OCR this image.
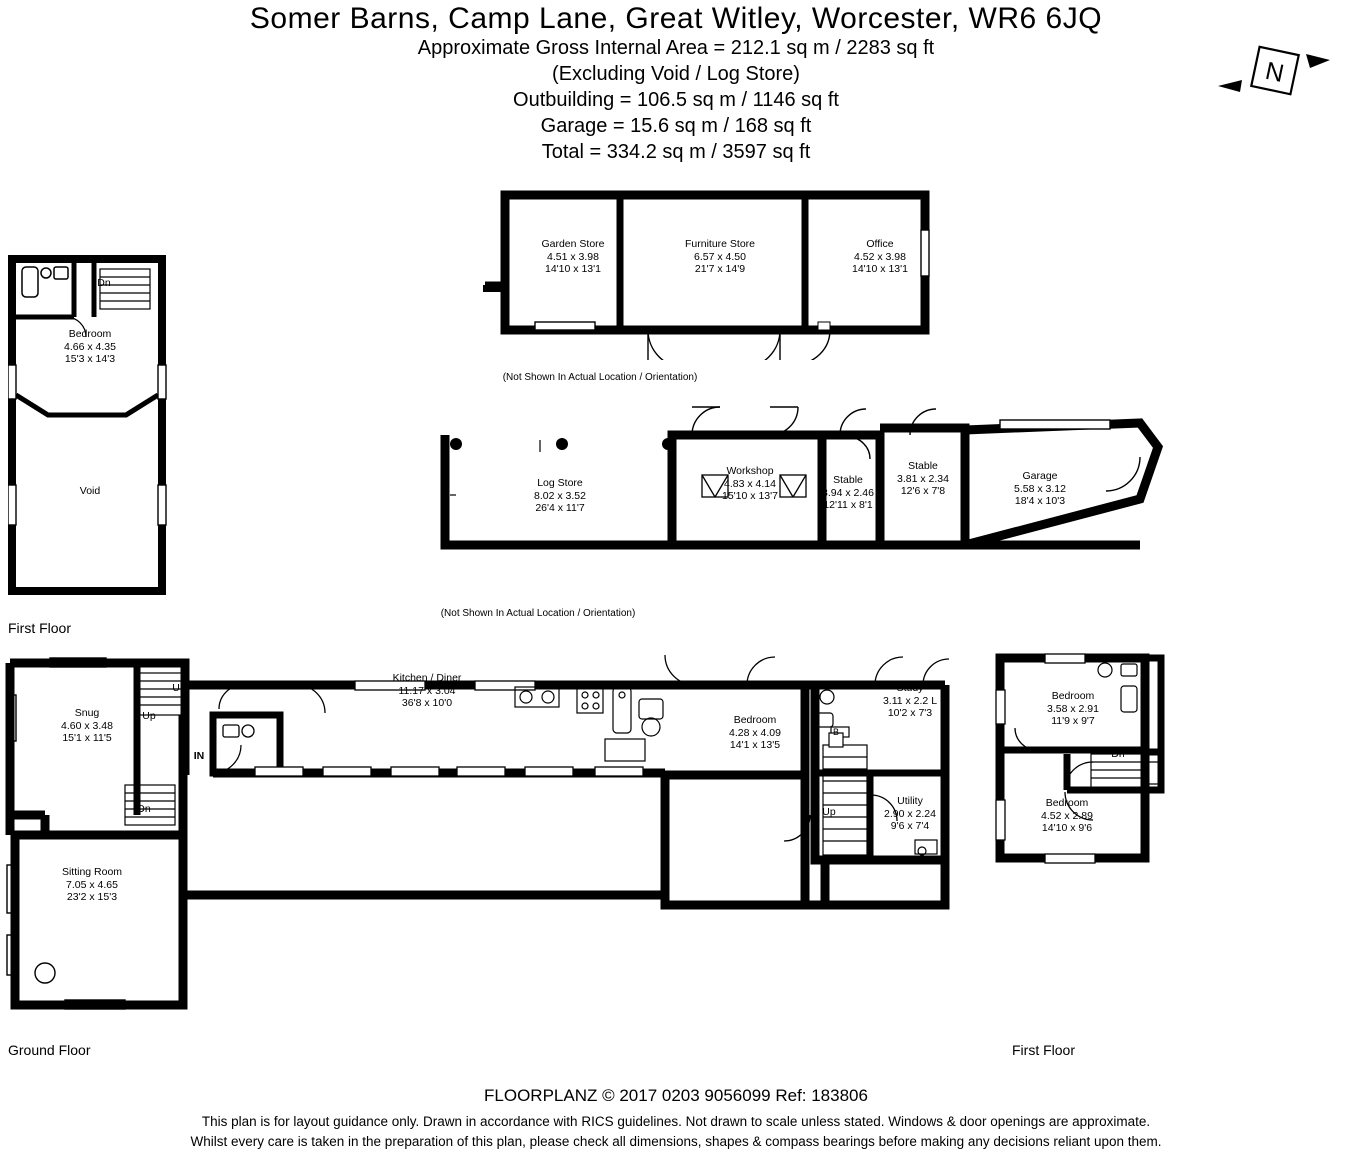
Somer Barns, Camp Lane, Great Witley, Worcester, WR6 6JQ
Approximate Gross Internal Area = 212.1 sq m / 2283 sq ft
(Excluding Void / Log Store)
Outbuilding = 106.5 sq m / 1146 sq ft
Garage = 15.6 sq m / 168 sq ft
Total = 334.2 sq m / 3597 sq ft
N
Bedroom
4.66 x 4.35
15'3 x 14'3
Void
Dn
First Floor
Garden Store
4.51 x 3.98
14'10 x 13'1
Furniture Store
6.57 x 4.50
21'7 x 14'9
Office
4.52 x 3.98
14'10 x 13'1
(Not Shown In Actual Location / Orientation)
Log Store
8.02 x 3.52
26'4 x 11'7
Workshop
4.83 x 4.14
15'10 x 13'7
Stable
3.94 x 2.46
12'11 x 8'1
Stable
3.81 x 2.34
12'6 x 7'8
Garage
5.58 x 3.12
18'4 x 10'3
(Not Shown In Actual Location / Orientation)
Snug
4.60 x 3.48
15'1 x 11'5
Sitting Room
7.05 x 4.65
23'2 x 15'3
Kitchen / Diner
11.17 x 3.04
36'8 x 10'0
Bedroom
4.28 x 4.09
14'1 x 13'5
Study
3.11 x 2.2 L
10'2 x 7'3
Utility
2.90 x 2.24
9'6 x 7'4
Up
Up
Dn
IN
Up
B
Ground Floor
Bedroom
3.58 x 2.91
11'9 x 9'7
Bedroom
4.52 x 2.89
14'10 x 9'6
Dn
First Floor
FLOORPLANZ © 2017 0203 9056099 Ref: 183806
This plan is for layout guidance only. Drawn in accordance with RICS guidelines. Not drawn to scale unless stated. Windows & door openings are approximate.
Whilst every care is taken in the preparation of this plan, please check all dimensions, shapes & compass bearings before making any decisions reliant upon them.
